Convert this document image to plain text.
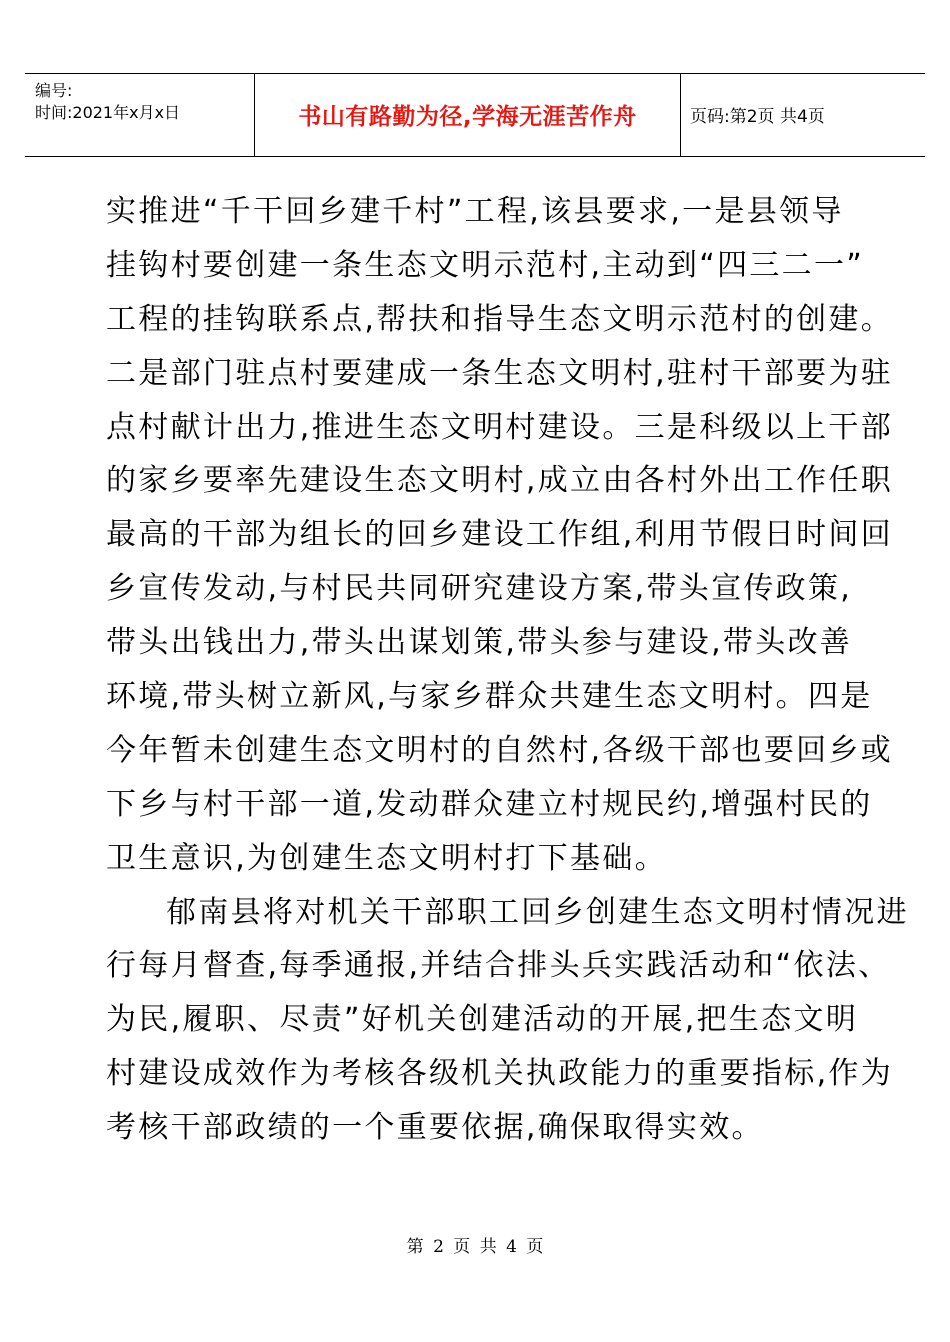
编号:
时间:2021年x月x日	书山有路勤为径,学海无涯苦作舟	页码:第2页 共4页
实推进“千干回乡建千村”工程,该县要求,一是县领导
挂钩村要创建一条生态文明示范村,主动到“四三二一”
工程的挂钩联系点,帮扶和指导生态文明示范村的创建。
二是部门驻点村要建成一条生态文明村,驻村干部要为驻
点村献计出力,推进生态文明村建设。三是科级以上干部
的家乡要率先建设生态文明村,成立由各村外出工作任职
最高的干部为组长的回乡建设工作组,利用节假日时间回
乡宣传发动,与村民共同研究建设方案,带头宣传政策,
带头出钱出力,带头出谋划策,带头参与建设,带头改善
环境,带头树立新风,与家乡群众共建生态文明村。四是
今年暂未创建生态文明村的自然村,各级干部也要回乡或
下乡与村干部一道,发动群众建立村规民约,增强村民的
卫生意识,为创建生态文明村打下基础。
郁南县将对机关干部职工回乡创建生态文明村情况进
行每月督查,每季通报,并结合排头兵实践活动和“依法、
为民,履职、尽责”好机关创建活动的开展,把生态文明
村建设成效作为考核各级机关执政能力的重要指标,作为
考核干部政绩的一个重要依据,确保取得实效。
第 2 页 共 4 页
